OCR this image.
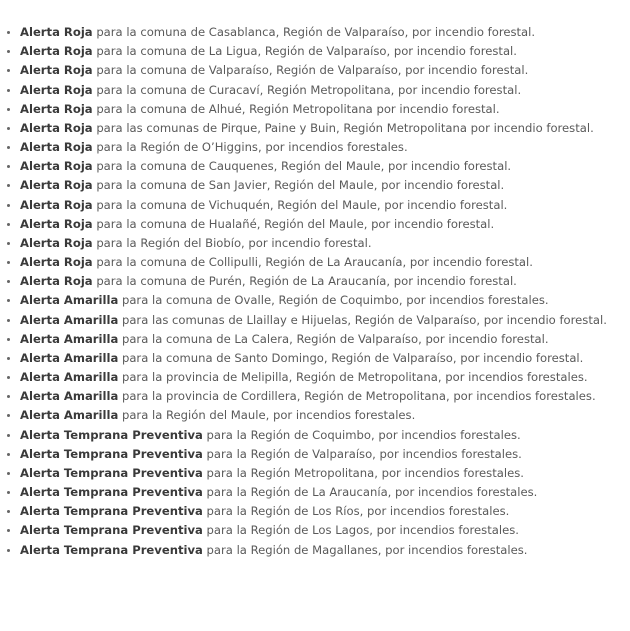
Alerta Roja para la comuna de Casablanca, Región de Valparaíso, por incendio forestal.
Alerta Roja para la comuna de La Ligua, Región de Valparaíso, por incendio forestal.
Alerta Roja para la comuna de Valparaíso, Región de Valparaíso, por incendio forestal.
Alerta Roja para la comuna de Curacaví, Región Metropolitana, por incendio forestal.
Alerta Roja para la comuna de Alhué, Región Metropolitana por incendio forestal.
Alerta Roja para las comunas de Pirque, Paine y Buin, Región Metropolitana por incendio forestal.
Alerta Roja para la Región de O’Higgins, por incendios forestales.
Alerta Roja para la comuna de Cauquenes, Región del Maule, por incendio forestal.
Alerta Roja para la comuna de San Javier, Región del Maule, por incendio forestal.
Alerta Roja para la comuna de Vichuquén, Región del Maule, por incendio forestal.
Alerta Roja para la comuna de Hualañé, Región del Maule, por incendio forestal.
Alerta Roja para la Región del Biobío, por incendio forestal.
Alerta Roja para la comuna de Collipulli, Región de La Araucanía, por incendio forestal.
Alerta Roja para la comuna de Purén, Región de La Araucanía, por incendio forestal.
Alerta Amarilla para la comuna de Ovalle, Región de Coquimbo, por incendios forestales.
Alerta Amarilla para las comunas de Llaillay e Hijuelas, Región de Valparaíso, por incendio forestal.
Alerta Amarilla para la comuna de La Calera, Región de Valparaíso, por incendio forestal.
Alerta Amarilla para la comuna de Santo Domingo, Región de Valparaíso, por incendio forestal.
Alerta Amarilla para la provincia de Melipilla, Región de Metropolitana, por incendios forestales.
Alerta Amarilla para la provincia de Cordillera, Región de Metropolitana, por incendios forestales.
Alerta Amarilla para la Región del Maule, por incendios forestales.
Alerta Temprana Preventiva para la Región de Coquimbo, por incendios forestales.
Alerta Temprana Preventiva para la Región de Valparaíso, por incendios forestales.
Alerta Temprana Preventiva para la Región Metropolitana, por incendios forestales.
Alerta Temprana Preventiva para la Región de La Araucanía, por incendios forestales.
Alerta Temprana Preventiva para la Región de Los Ríos, por incendios forestales.
Alerta Temprana Preventiva para la Región de Los Lagos, por incendios forestales.
Alerta Temprana Preventiva para la Región de Magallanes, por incendios forestales.
